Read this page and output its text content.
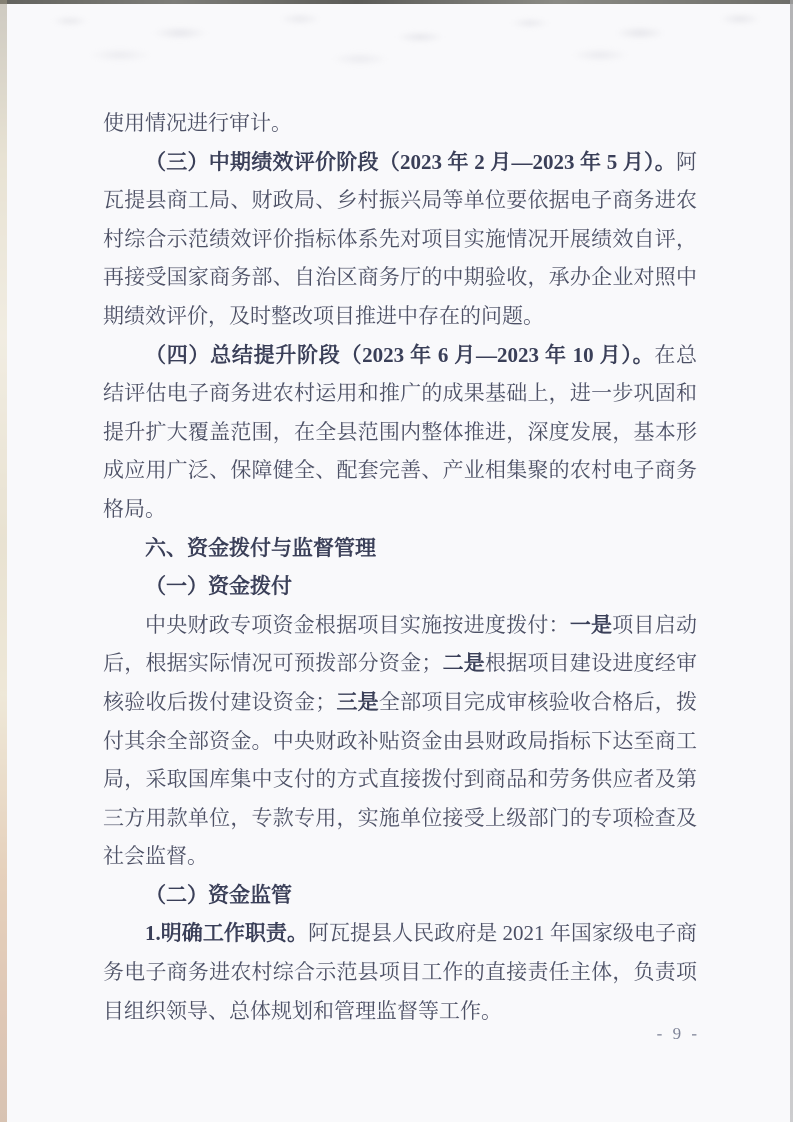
使用情况进行审计。

（三）中期绩效评价阶段（2023 年 2 月—2023 年 5 月）。阿瓦提县商工局、财政局、乡村振兴局等单位要依据电子商务进农村综合示范绩效评价指标体系先对项目实施情况开展绩效自评，再接受国家商务部、自治区商务厅的中期验收，承办企业对照中期绩效评价，及时整改项目推进中存在的问题。

（四）总结提升阶段（2023 年 6 月—2023 年 10 月）。在总结评估电子商务进农村运用和推广的成果基础上，进一步巩固和提升扩大覆盖范围，在全县范围内整体推进，深度发展，基本形成应用广泛、保障健全、配套完善、产业相集聚的农村电子商务格局。

六、资金拨付与监督管理

（一）资金拨付

中央财政专项资金根据项目实施按进度拨付：一是项目启动后，根据实际情况可预拨部分资金；二是根据项目建设进度经审核验收后拨付建设资金；三是全部项目完成审核验收合格后，拨付其余全部资金。中央财政补贴资金由县财政局指标下达至商工局，采取国库集中支付的方式直接拨付到商品和劳务供应者及第三方用款单位，专款专用，实施单位接受上级部门的专项检查及社会监督。

（二）资金监管

1.明确工作职责。阿瓦提县人民政府是 2021 年国家级电子商务电子商务进农村综合示范县项目工作的直接责任主体，负责项目组织领导、总体规划和管理监督等工作。

- 9 -
